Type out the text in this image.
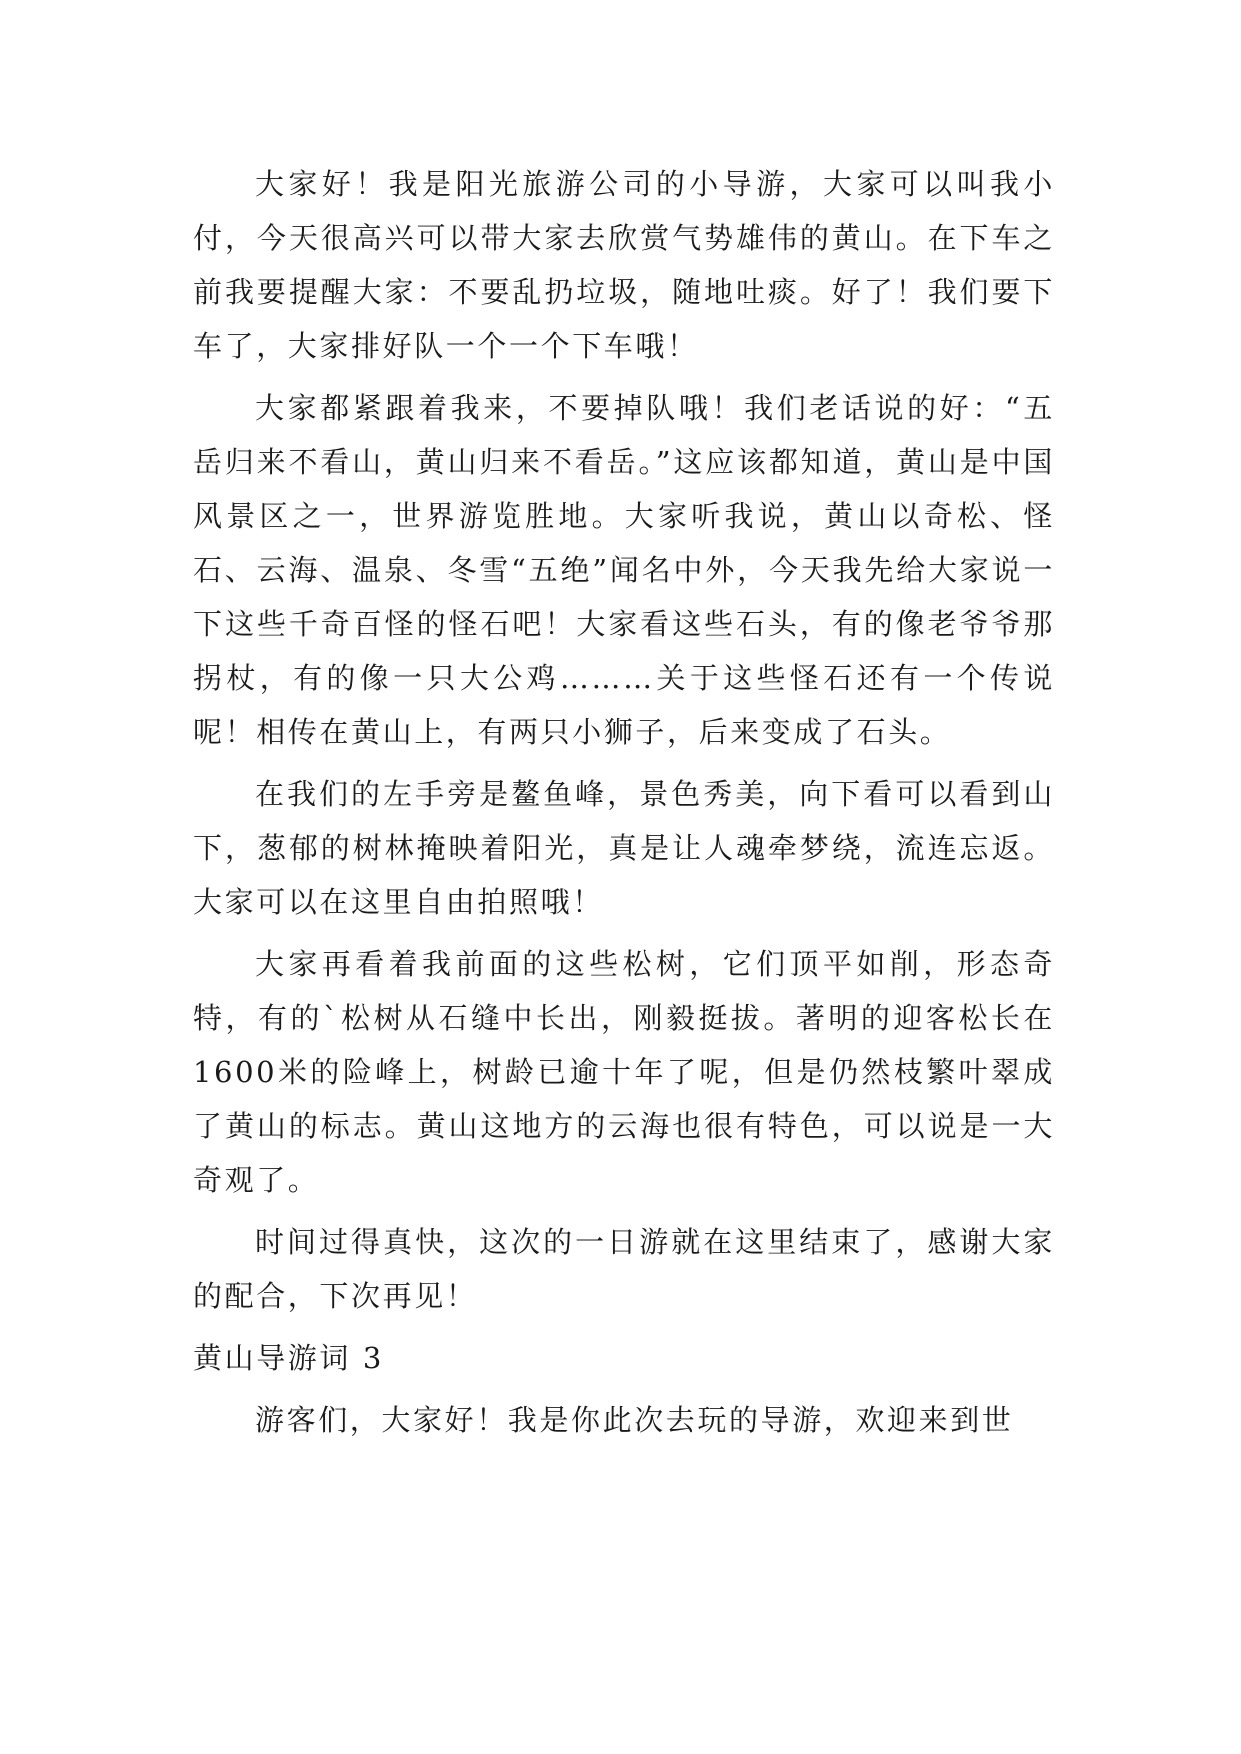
大家好！我是阳光旅游公司的小导游，大家可以叫我小付，今天很高兴可以带大家去欣赏气势雄伟的黄山。在下车之前我要提醒大家：不要乱扔垃圾，随地吐痰。好了！我们要下车了，大家排好队一个一个下车哦！

大家都紧跟着我来，不要掉队哦！我们老话说的好：“五岳归来不看山，黄山归来不看岳。”这应该都知道，黄山是中国风景区之一，世界游览胜地。大家听我说，黄山以奇松、怪石、云海、温泉、冬雪“五绝”闻名中外，今天我先给大家说一下这些千奇百怪的怪石吧！大家看这些石头，有的像老爷爷那拐杖，有的像一只大公鸡………关于这些怪石还有一个传说呢！相传在黄山上，有两只小狮子，后来变成了石头。

在我们的左手旁是鳌鱼峰，景色秀美，向下看可以看到山下，葱郁的树林掩映着阳光，真是让人魂牵梦绕，流连忘返。大家可以在这里自由拍照哦！

大家再看着我前面的这些松树，它们顶平如削，形态奇特，有的`松树从石缝中长出，刚毅挺拔。著明的迎客松长在1600米的险峰上，树龄已逾十年了呢，但是仍然枝繁叶翠成了黄山的标志。黄山这地方的云海也很有特色，可以说是一大奇观了。

时间过得真快，这次的一日游就在这里结束了，感谢大家的配合，下次再见！

黄山导游词 3

游客们，大家好！我是你此次去玩的导游，欢迎来到世
